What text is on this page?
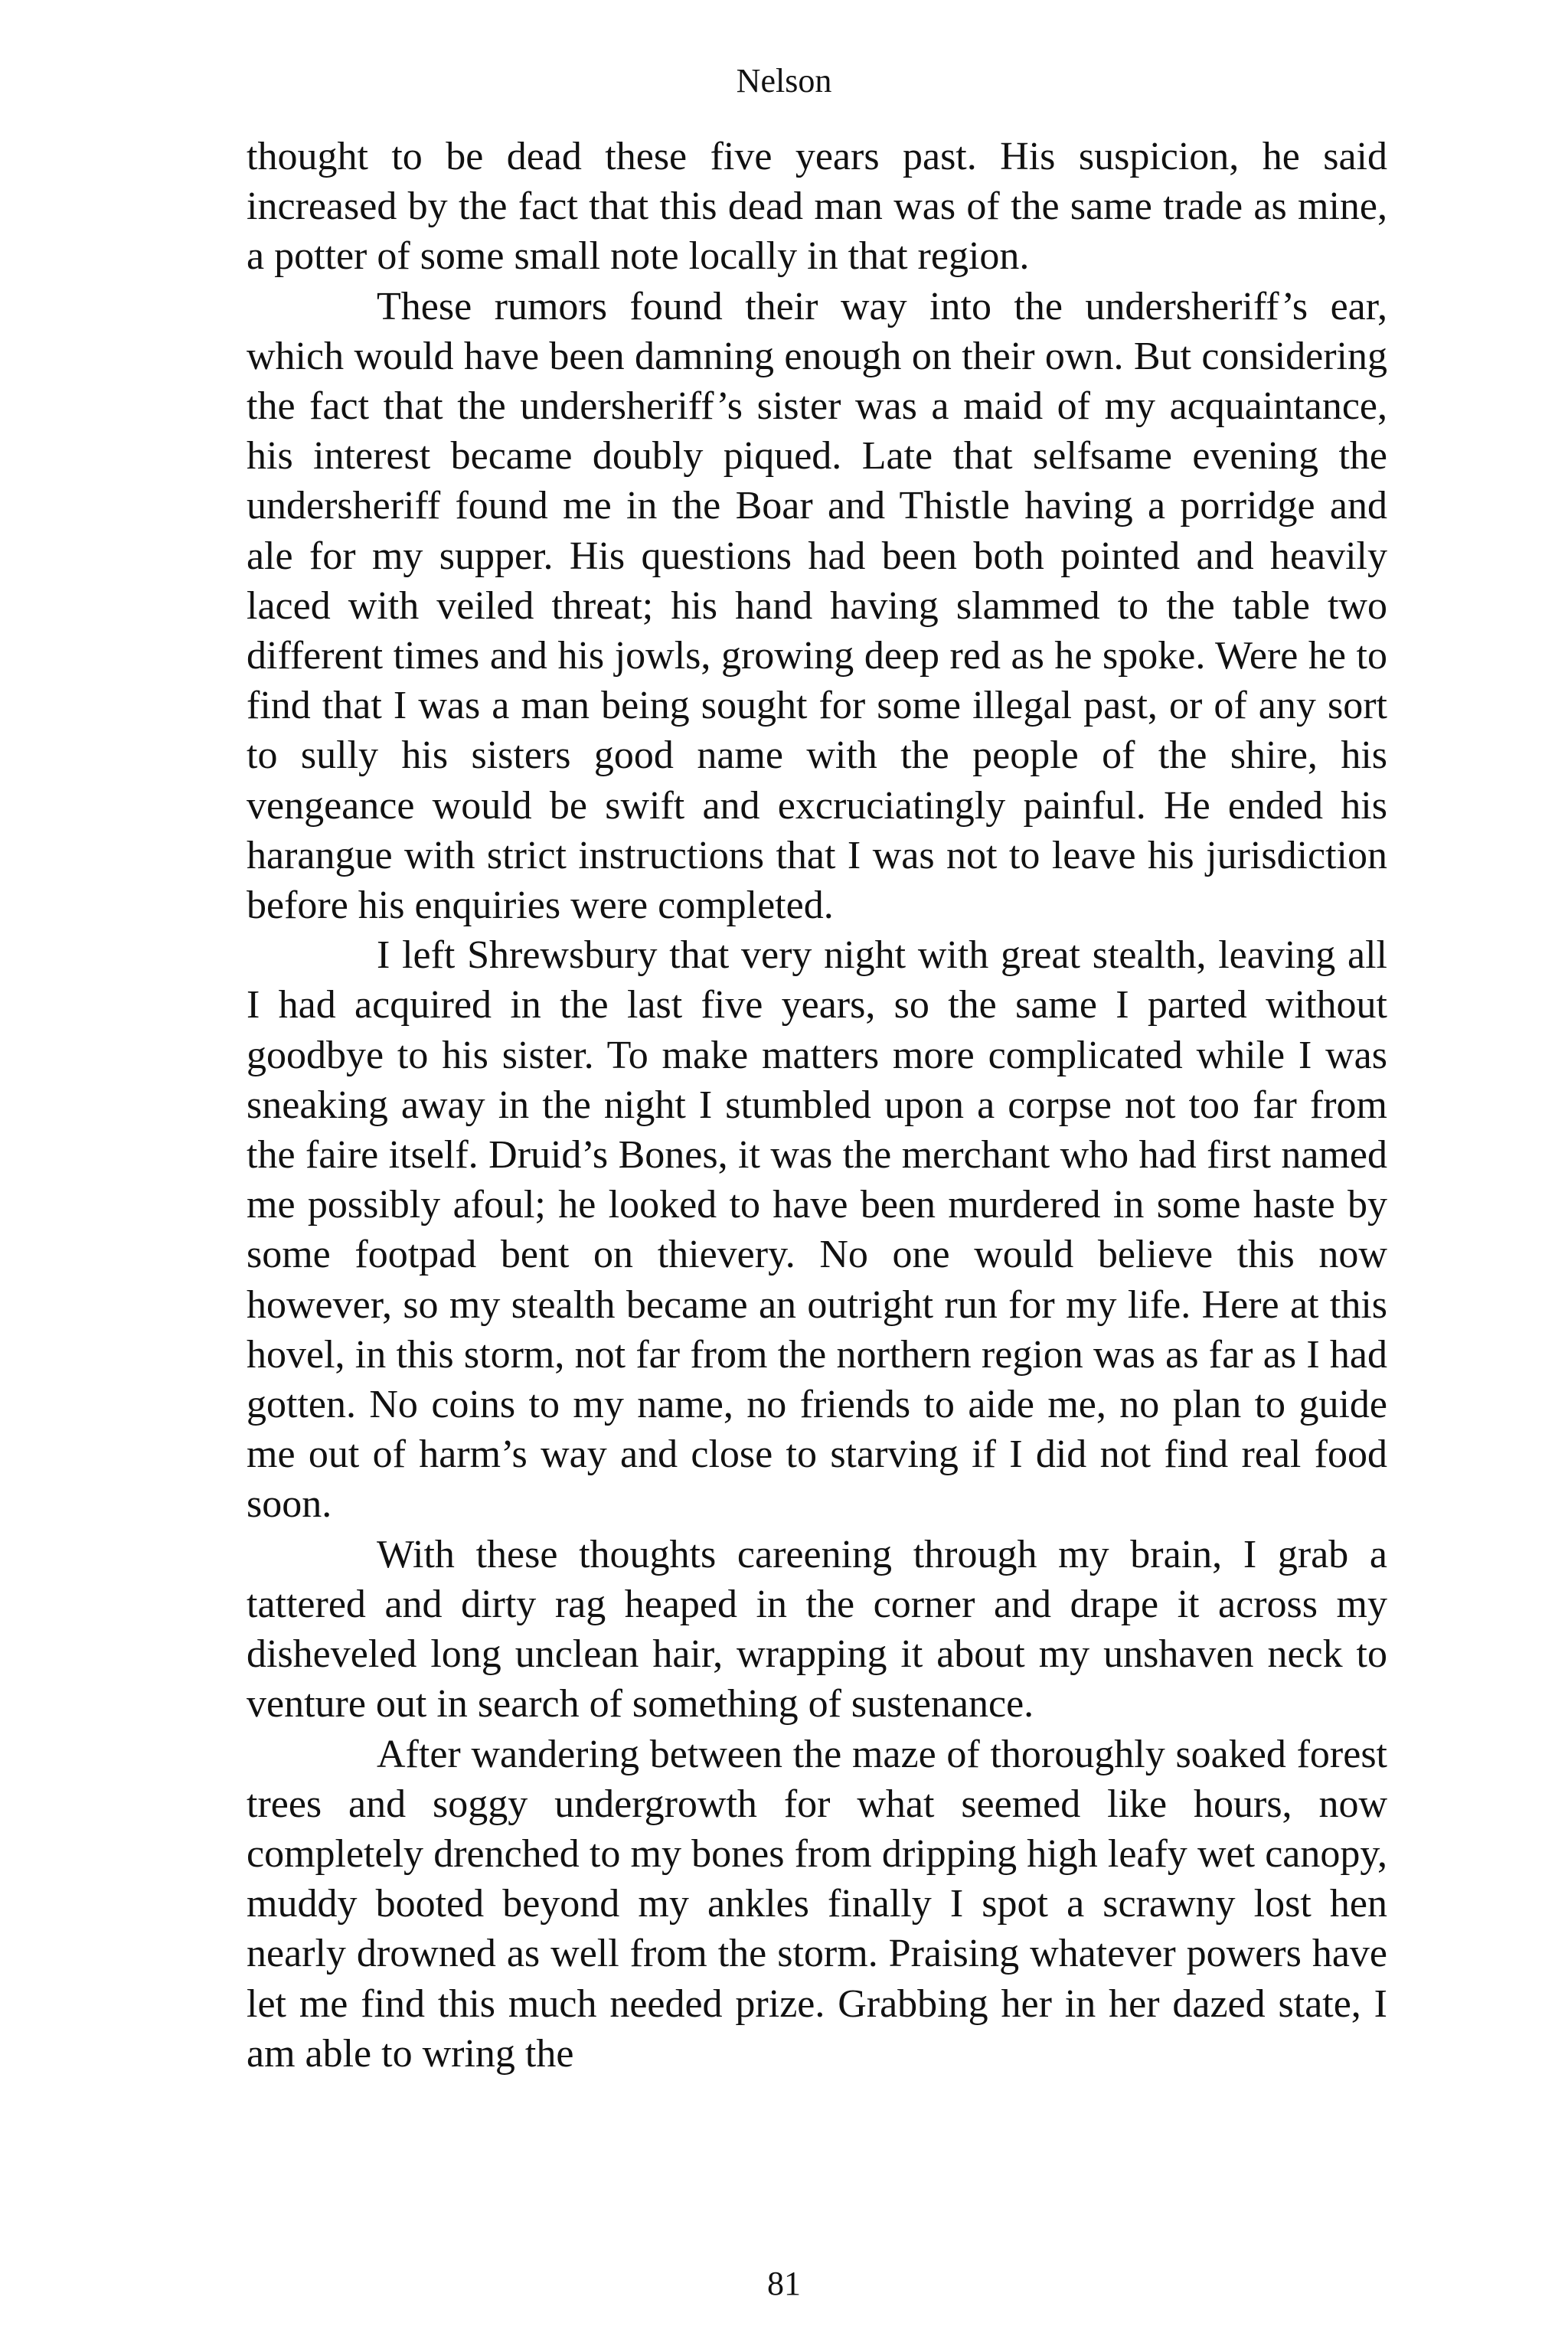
Nelson

thought to be dead these five years past. His suspicion, he said increased by the fact that this dead man was of the same trade as mine, a potter of some small note locally in that region.

These rumors found their way into the undersheriff’s ear, which would have been damning enough on their own. But considering the fact that the undersheriff’s sister was a maid of my acquaintance, his interest became doubly piqued. Late that selfsame evening the undersheriff found me in the Boar and Thistle having a porridge and ale for my supper. His questions had been both pointed and heavily laced with veiled threat; his hand having slammed to the table two different times and his jowls, growing deep red as he spoke. Were he to find that I was a man being sought for some illegal past, or of any sort to sully his sisters good name with the people of the shire, his vengeance would be swift and excruciatingly painful. He ended his harangue with strict instructions that I was not to leave his jurisdiction before his enquiries were completed.

I left Shrewsbury that very night with great stealth, leaving all I had acquired in the last five years, so the same I parted without goodbye to his sister. To make matters more complicated while I was sneaking away in the night I stumbled upon a corpse not too far from the faire itself. Druid’s Bones, it was the merchant who had first named me possibly afoul; he looked to have been murdered in some haste by some footpad bent on thievery. No one would believe this now however, so my stealth became an outright run for my life. Here at this hovel, in this storm, not far from the northern region was as far as I had gotten. No coins to my name, no friends to aide me, no plan to guide me out of harm’s way and close to starving if I did not find real food soon.

With these thoughts careening through my brain, I grab a tattered and dirty rag heaped in the corner and drape it across my disheveled long unclean hair, wrapping it about my unshaven neck to venture out in search of something of sustenance.

After wandering between the maze of thoroughly soaked forest trees and soggy undergrowth for what seemed like hours, now completely drenched to my bones from dripping high leafy wet canopy, muddy booted beyond my ankles finally I spot a scrawny lost hen nearly drowned as well from the storm. Praising whatever powers have let me find this much needed prize. Grabbing her in her dazed state, I am able to wring the

81
